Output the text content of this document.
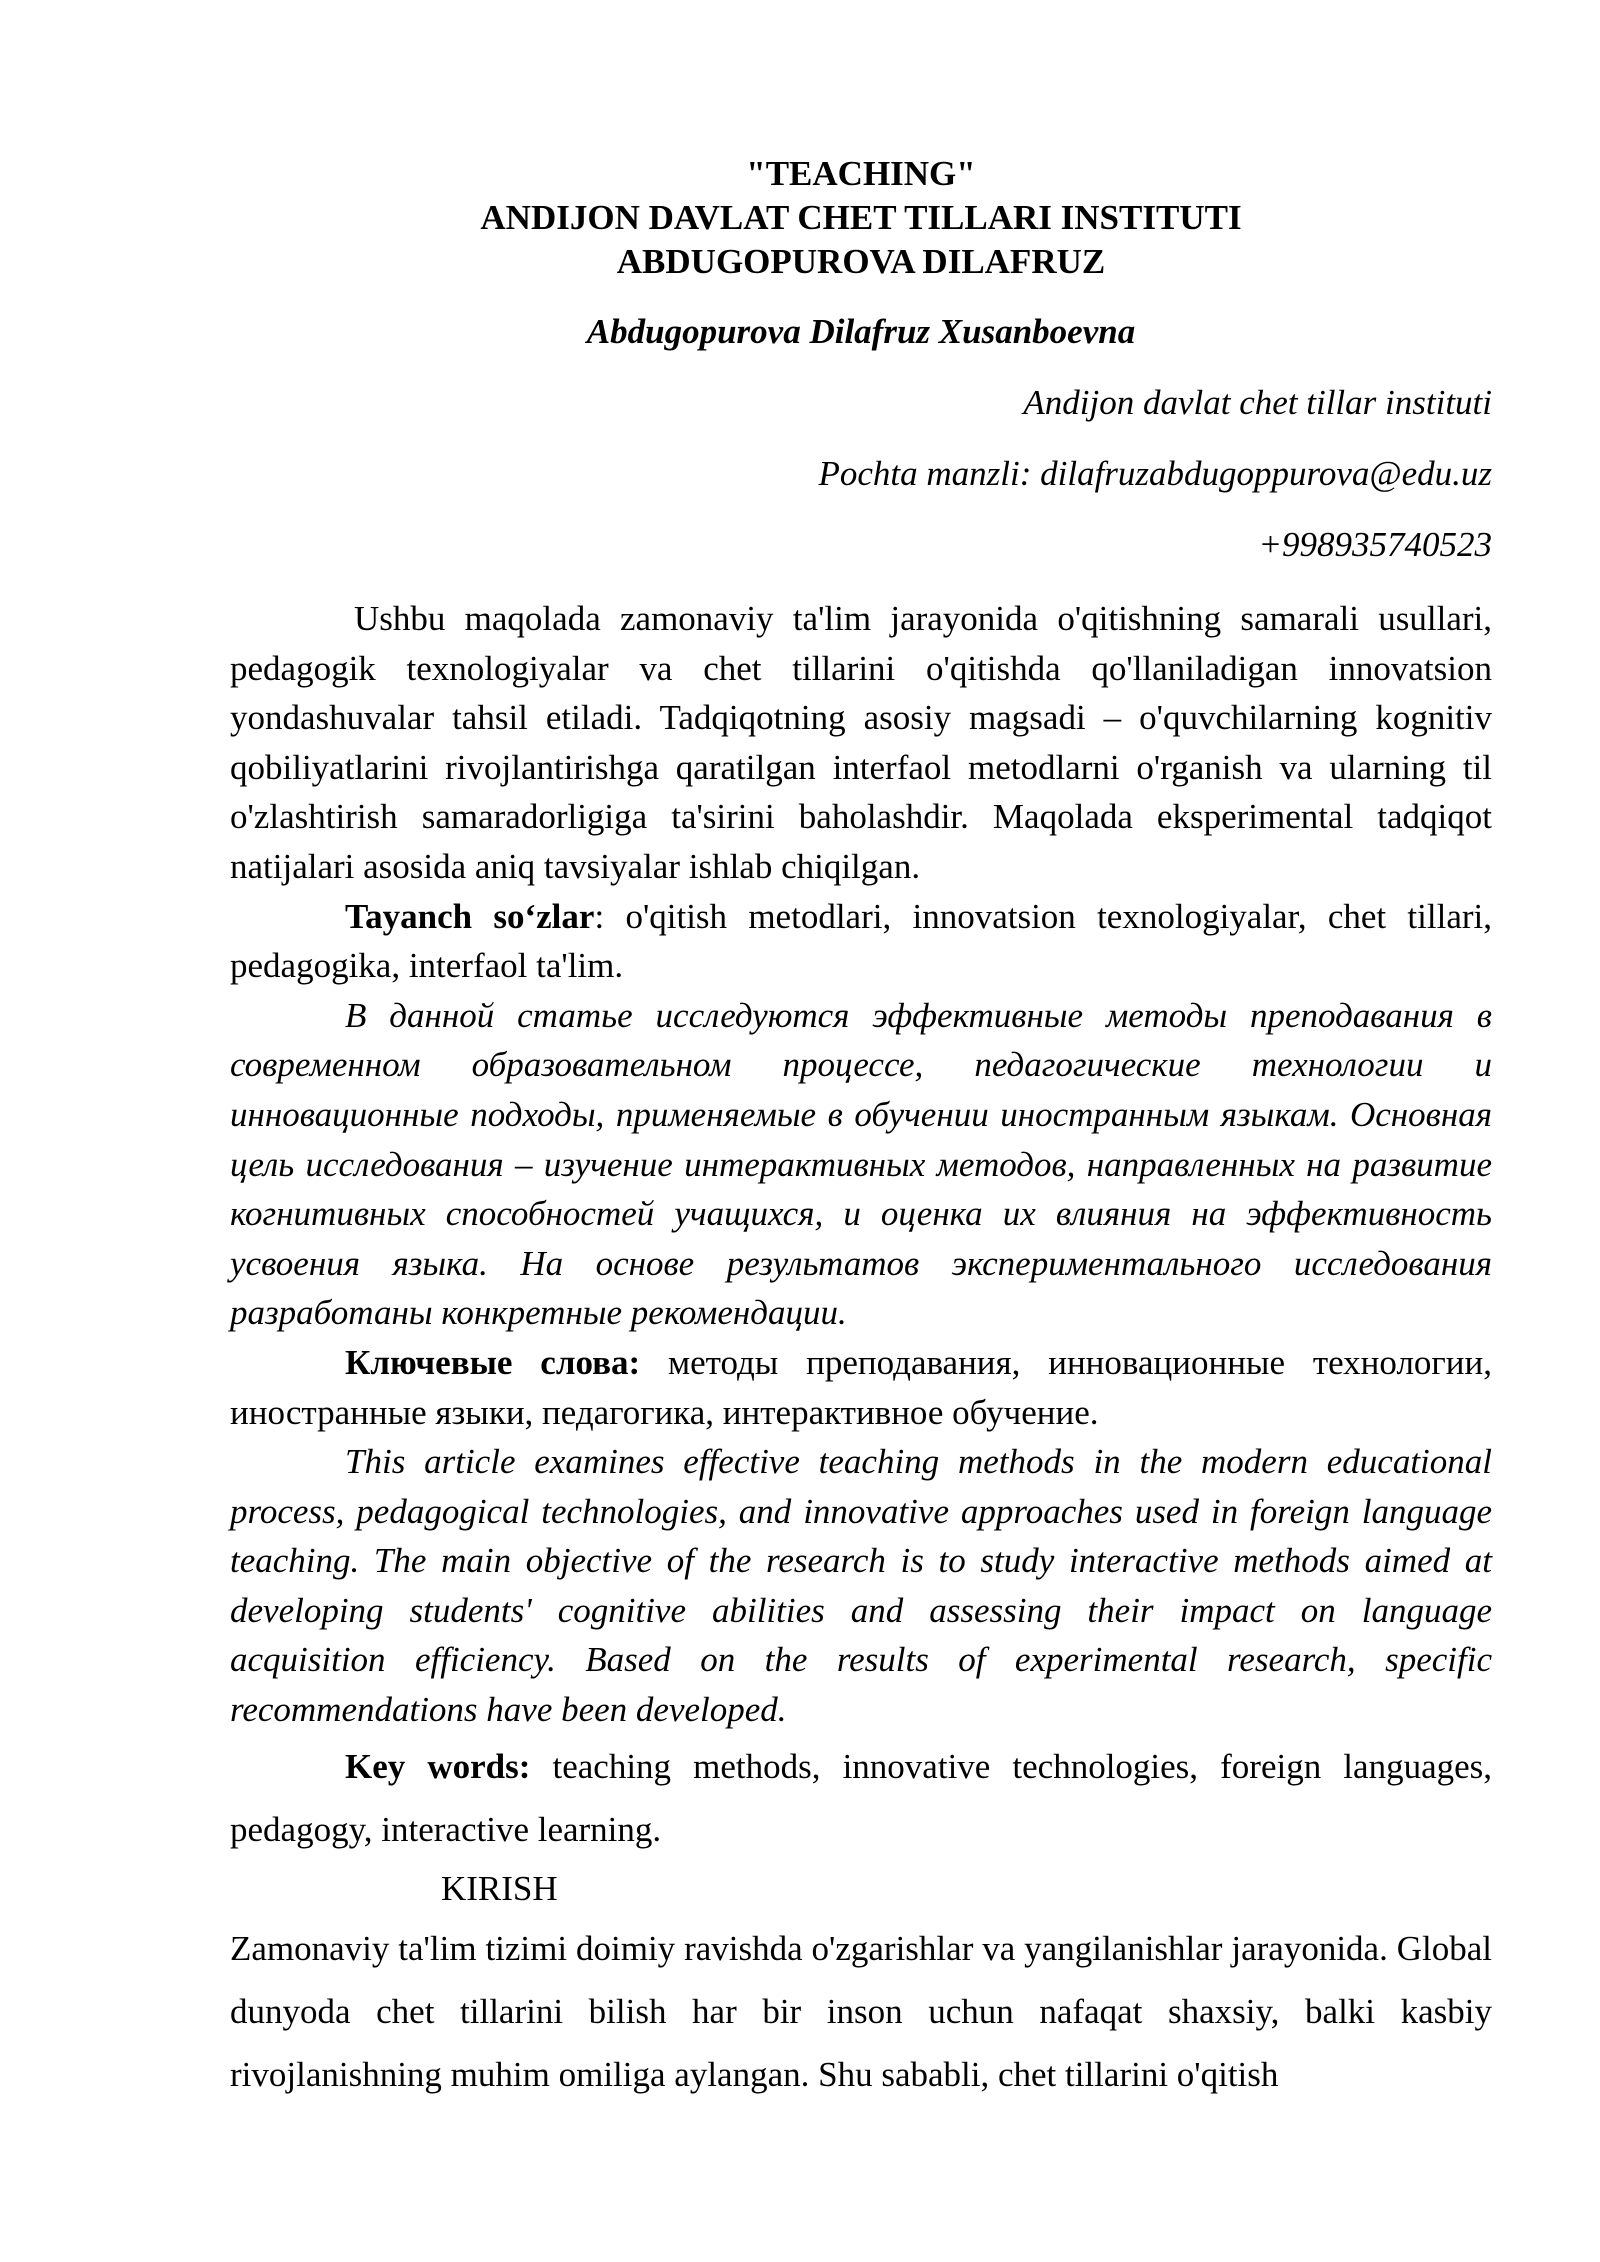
"TEACHING"
ANDIJON DAVLAT CHET TILLARI INSTITUTI
ABDUGOPUROVA DILAFRUZ
Abdugopurova Dilafruz Xusanboevna
Andijon davlat chet tillar instituti
Pochta manzli: dilafruzabdugoppurova@edu.uz
+998935740523

Ushbu maqolada zamonaviy ta'lim jarayonida o'qitishning samarali usullari, pedagogik texnologiyalar va chet tillarini o'qitishda qo'llaniladigan innovatsion yondashuvalar tahsil etiladi. Tadqiqotning asosiy magsadi – o'quvchilarning kognitiv qobiliyatlarini rivojlantirishga qaratilgan interfaol metodlarni o'rganish va ularning til o'zlashtirish samaradorligiga ta'sirini baholashdir. Maqolada eksperimental tadqiqot natijalari asosida aniq tavsiyalar ishlab chiqilgan.

Tayanch so‘zlar: o'qitish metodlari, innovatsion texnologiyalar, chet tillari, pedagogika, interfaol ta'lim.

В данной статье исследуются эффективные методы преподавания в современном образовательном процессе, педагогические технологии и инновационные подходы, применяемые в обучении иностранным языкам. Основная цель исследования – изучение интерактивных методов, направленных на развитие когнитивных способностей учащихся, и оценка их влияния на эффективность усвоения языка. На основе результатов экспериментального исследования разработаны конкретные рекомендации.

Ключевые слова: методы преподавания, инновационные технологии, иностранные языки, педагогика, интерактивное обучение.

This article examines effective teaching methods in the modern educational process, pedagogical technologies, and innovative approaches used in foreign language teaching. The main objective of the research is to study interactive methods aimed at developing students' cognitive abilities and assessing their impact on language acquisition efficiency. Based on the results of experimental research, specific recommendations have been developed.

Key words: teaching methods, innovative technologies, foreign languages, pedagogy, interactive learning.

KIRISH

Zamonaviy ta'lim tizimi doimiy ravishda o'zgarishlar va yangilanishlar jarayonida. Global dunyoda chet tillarini bilish har bir inson uchun nafaqat shaxsiy, balki kasbiy rivojlanishning muhim omiliga aylangan. Shu sababli, chet tillarini o'qitish
